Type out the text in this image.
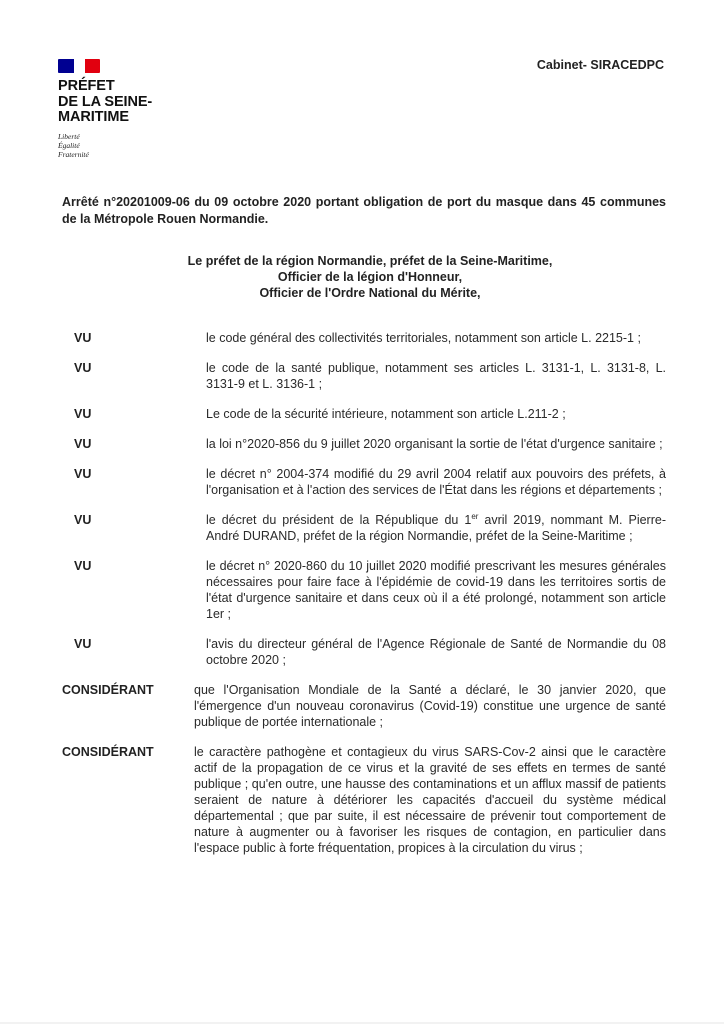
PRÉFET
DE LA SEINE-
MARITIME
Liberté
Égalité
Fraternité
Cabinet- SIRACEDPC
Arrêté n°20201009-06 du 09 octobre 2020 portant obligation de port du masque dans 45 communes de la Métropole Rouen Normandie.
Le préfet de la région Normandie, préfet de la Seine-Maritime,
Officier de la légion d'Honneur,
Officier de l'Ordre National du Mérite,
VU	le code général des collectivités territoriales, notamment son article L. 2215-1 ;
VU	le code de la santé publique, notamment ses articles L. 3131-1, L. 3131-8, L. 3131-9 et L. 3136-1 ;
VU	Le code de la sécurité intérieure, notamment son article L.211-2 ;
VU	la loi n°2020-856 du 9 juillet 2020 organisant la sortie de l'état d'urgence sanitaire ;
VU	le décret n° 2004-374 modifié du 29 avril 2004 relatif aux pouvoirs des préfets, à l'organisation et à l'action des services de l'État dans les régions et départements ;
VU	le décret du président de la République du 1er avril 2019, nommant M. Pierre-André DURAND, préfet de la région Normandie, préfet de la Seine-Maritime ;
VU	le décret n° 2020-860 du 10 juillet 2020 modifié prescrivant les mesures générales nécessaires pour faire face à l'épidémie de covid-19 dans les territoires sortis de l'état d'urgence sanitaire et dans ceux où il a été prolongé, notamment son article 1er ;
VU	l'avis du directeur général de l'Agence Régionale de Santé de Normandie du 08 octobre 2020 ;
CONSIDÉRANT	que l'Organisation Mondiale de la Santé a déclaré, le 30 janvier 2020, que l'émergence d'un nouveau coronavirus (Covid-19) constitue une urgence de santé publique de portée internationale ;
CONSIDÉRANT	le caractère pathogène et contagieux du virus SARS-Cov-2 ainsi que le caractère actif de la propagation de ce virus et la gravité de ses effets en termes de santé publique ; qu'en outre, une hausse des contaminations et un afflux massif de patients seraient de nature à détériorer les capacités d'accueil du système médical départemental ; que par suite, il est nécessaire de prévenir tout comportement de nature à augmenter ou à favoriser les risques de contagion, en particulier dans l'espace public à forte fréquentation, propices à la circulation du virus ;
